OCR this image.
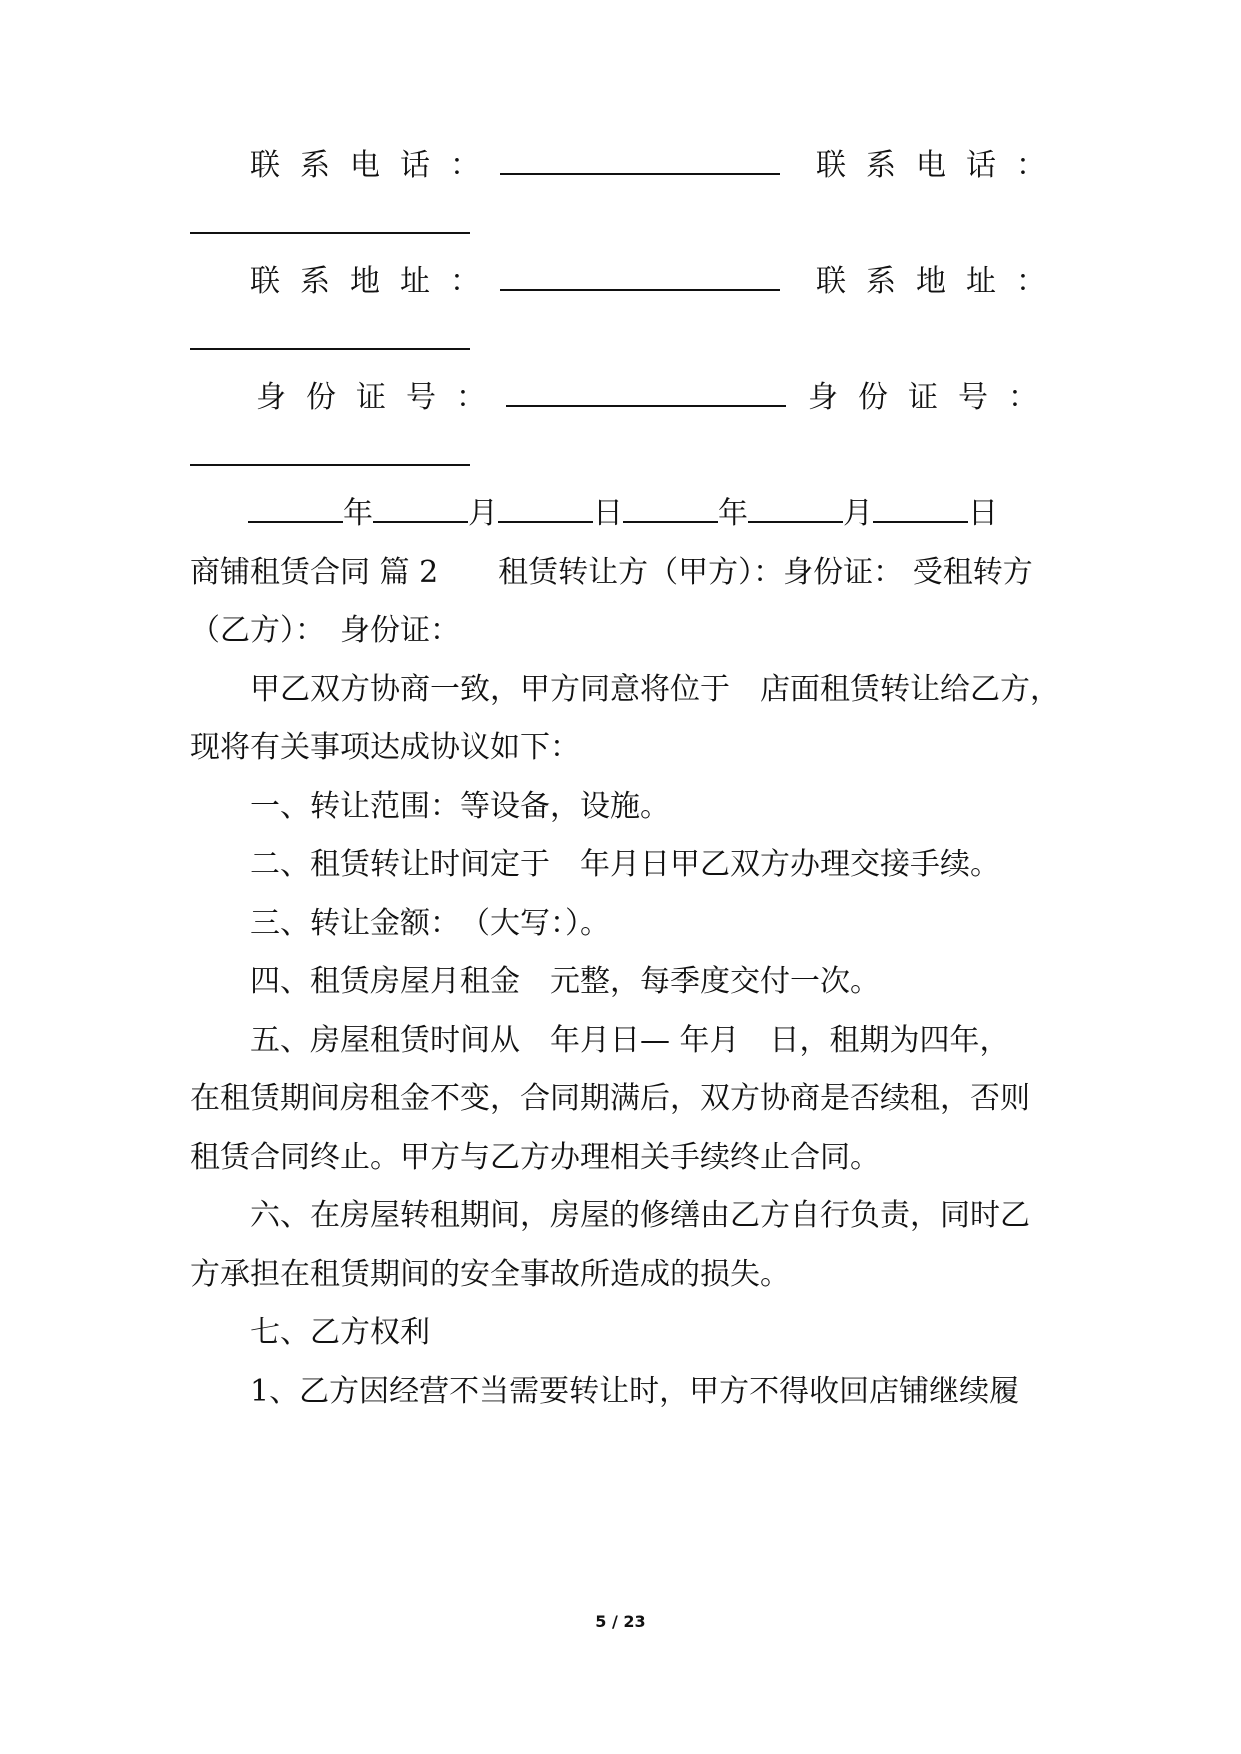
联系电话：	联系电话：
联系地址：	联系地址：
身份证号：	身份证号：
年	月	日	年	月	日
商铺租赁合同 篇 2　　租赁转让方（甲方）：身份证： 受租转方
（乙方）：　身份证：
甲乙双方协商一致，甲方同意将位于　店面租赁转让给乙方，
现将有关事项达成协议如下：
一、转让范围：等设备，设施。
二、租赁转让时间定于　年月日甲乙双方办理交接手续。
三、转让金额：　（大写：）。
四、租赁房屋月租金　元整，每季度交付一次。
五、房屋租赁时间从　年月日— 年月　日，租期为四年，
在租赁期间房租金不变，合同期满后，双方协商是否续租，否则
租赁合同终止。甲方与乙方办理相关手续终止合同。
六、在房屋转租期间，房屋的修缮由乙方自行负责，同时乙
方承担在租赁期间的安全事故所造成的损失。
七、乙方权利
1、乙方因经营不当需要转让时，甲方不得收回店铺继续履
5 / 23
